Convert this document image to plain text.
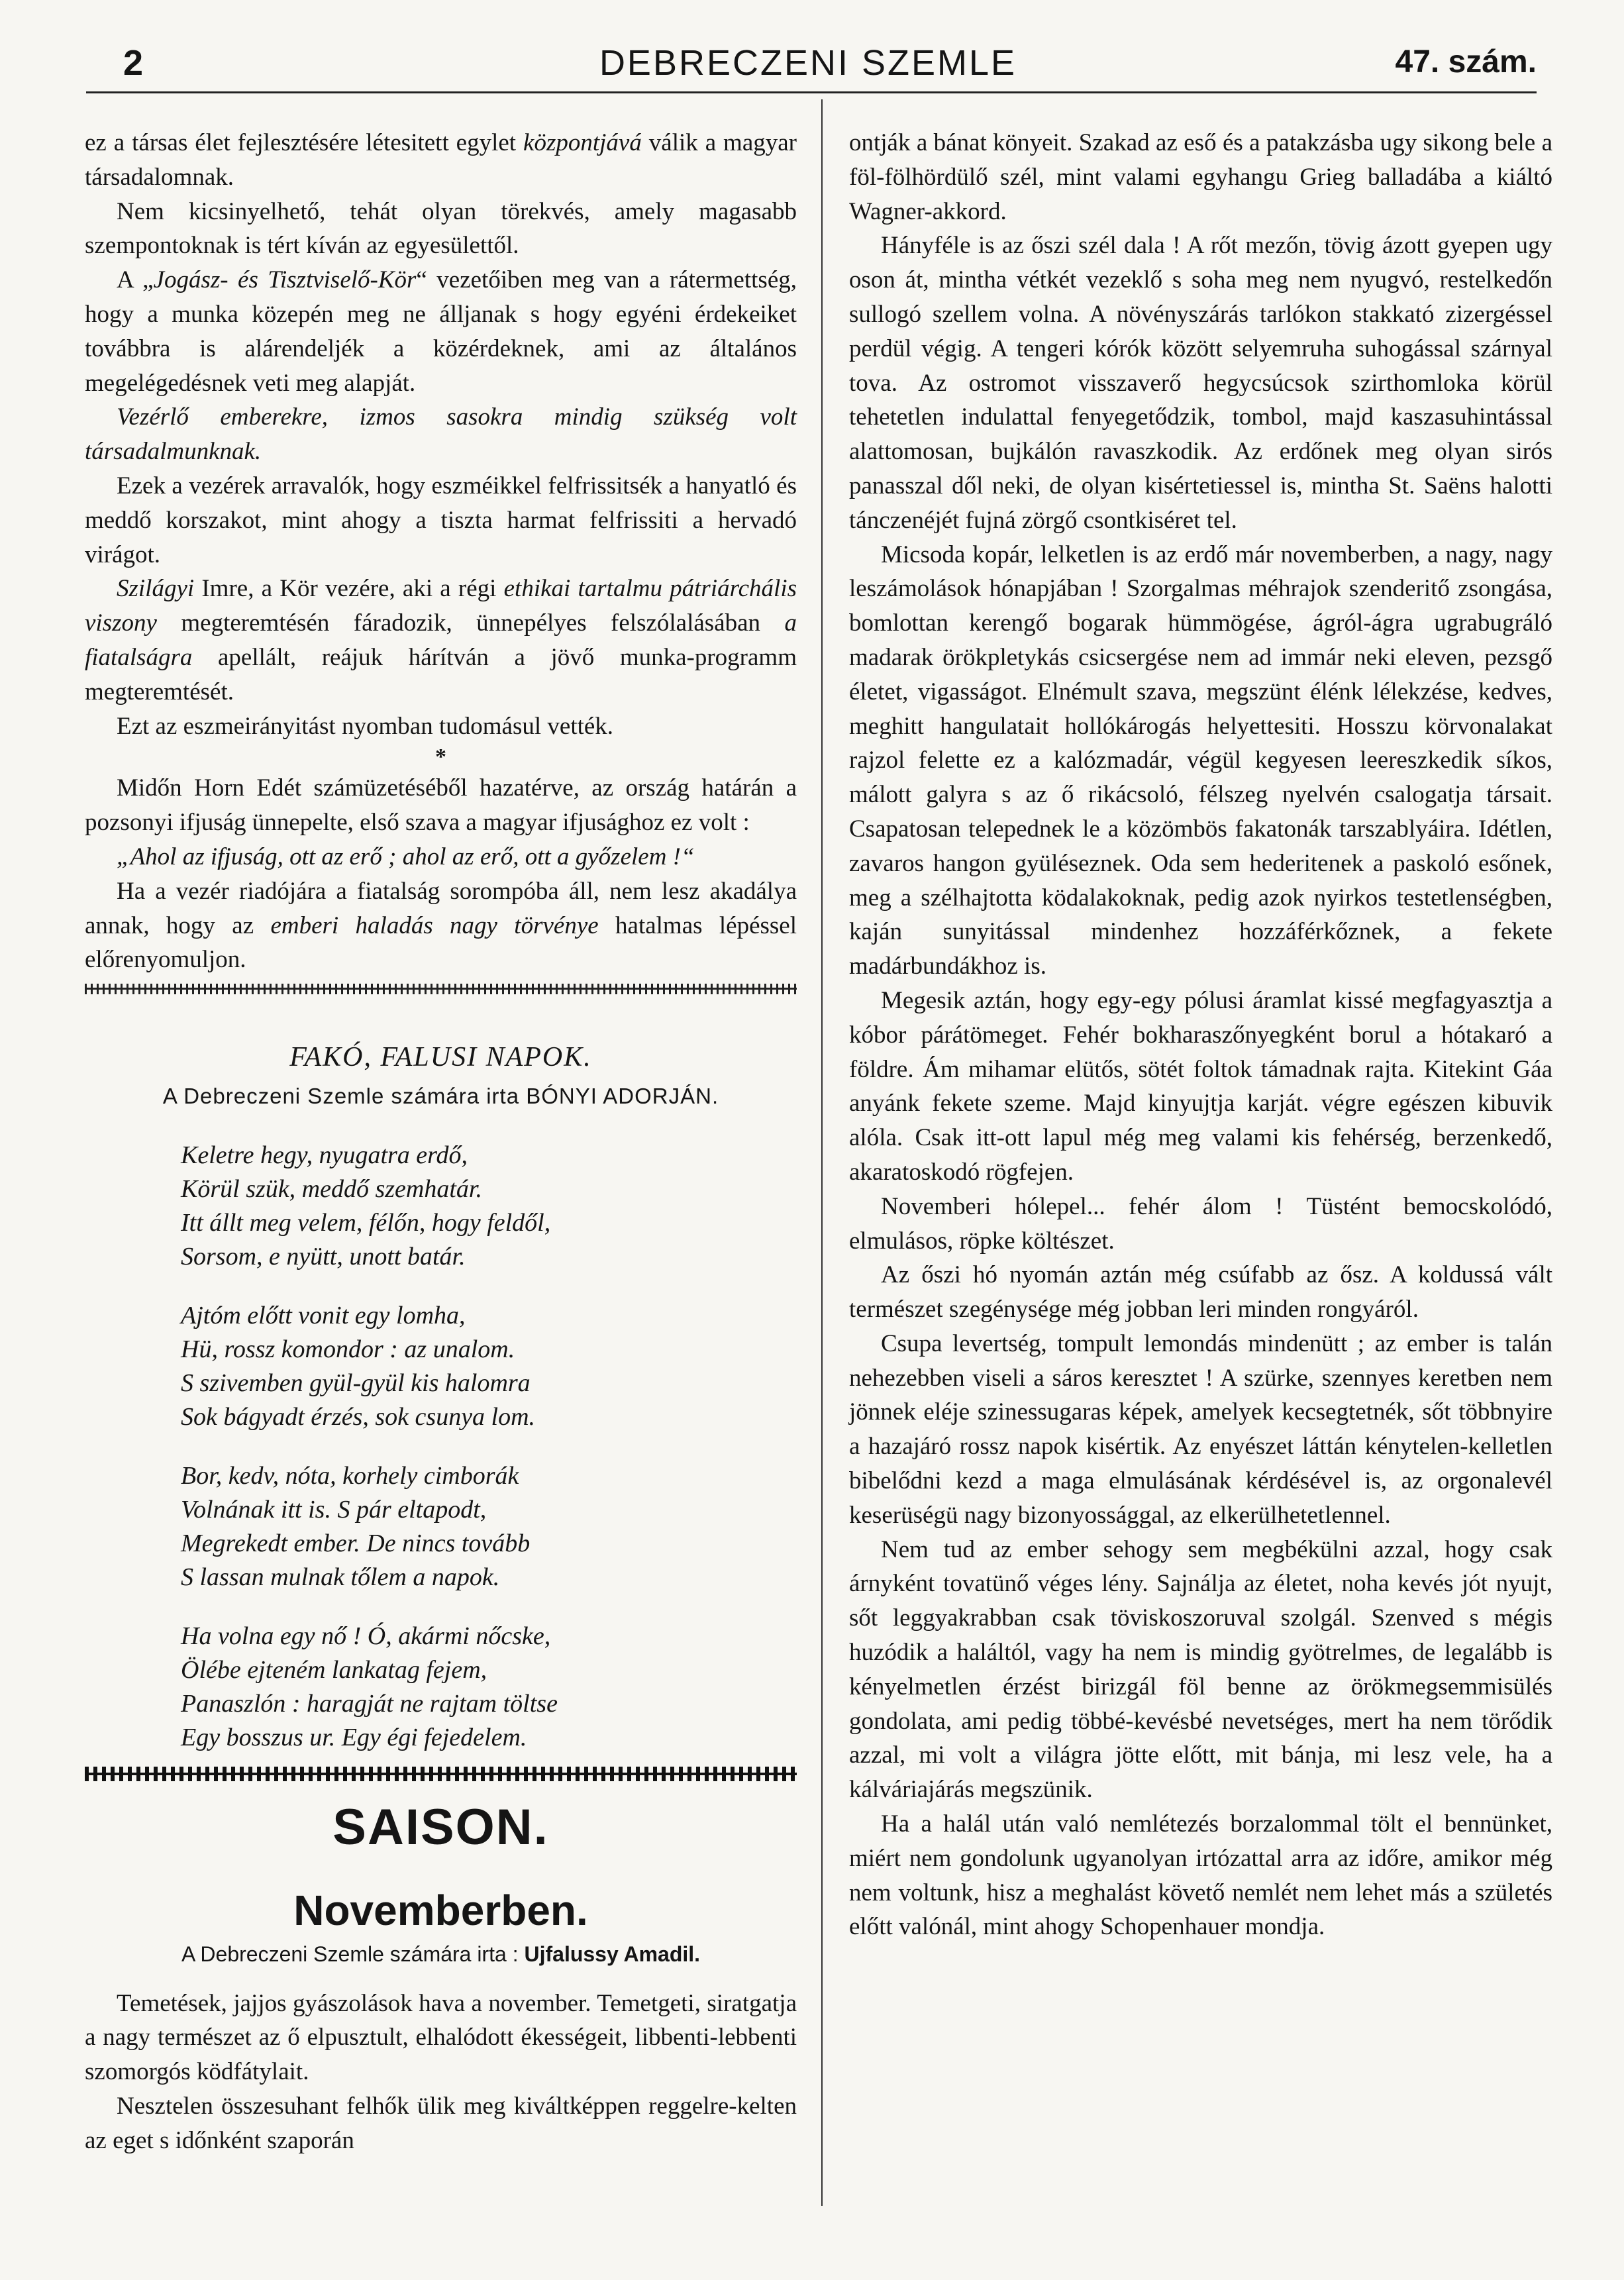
2	DEBRECZENI SZEMLE	47. szám.

ez a társas élet fejlesztésére létesitett egylet központjává válik a magyar társadalomnak.

Nem kicsinyelhető, tehát olyan törekvés, amely magasabb szempontoknak is tért kíván az egyesülettől.

A „Jogász- és Tisztviselő-Kör“ vezetőiben meg van a rátermettség, hogy a munka közepén meg ne álljanak s hogy egyéni érdekeiket továbbra is alárendeljék a közérdeknek, ami az általános megelégedésnek veti meg alapját.

Vezérlő emberekre, izmos sasokra mindig szükség volt társadalmunknak.

Ezek a vezérek arravalók, hogy eszméikkel felfrissitsék a hanyatló és meddő korszakot, mint ahogy a tiszta harmat felfrissiti a hervadó virágot.

Szilágyi Imre, a Kör vezére, aki a régi ethikai tartalmu pátriárchális viszony megteremtésén fáradozik, ünnepélyes felszólalásában a fiatalságra apellált, reájuk hárítván a jövő munka-programm megteremtését.

Ezt az eszmeirányitást nyomban tudomásul vették.

*

Midőn Horn Edét számüzetéséből hazatérve, az ország határán a pozsonyi ifjuság ünnepelte, első szava a magyar ifjusághoz ez volt :

„Ahol az ifjuság, ott az erő ; ahol az erő, ott a győzelem !“

Ha a vezér riadójára a fiatalság sorompóba áll, nem lesz akadálya annak, hogy az emberi haladás nagy törvénye hatalmas lépéssel előrenyomuljon.

FAKÓ, FALUSI NAPOK.
A Debreczeni Szemle számára irta BÓNYI ADORJÁN.
Keletre hegy, nyugatra erdő,
Körül szük, meddő szemhatár.
Itt állt meg velem, félőn, hogy feldől,
Sorsom, e nyütt, unott batár.
Ajtóm előtt vonit egy lomha,
Hü, rossz komondor : az unalom.
S szivemben gyül-gyül kis halomra
Sok bágyadt érzés, sok csunya lom.
Bor, kedv, nóta, korhely cimborák
Volnának itt is. S pár eltapodt,
Megrekedt ember. De nincs tovább
S lassan mulnak tőlem a napok.
Ha volna egy nő ! Ó, akármi nőcske,
Ölébe ejteném lankatag fejem,
Panaszlón : haragját ne rajtam töltse
Egy bosszus ur. Egy égi fejedelem.
SAISON.
Novemberben.
A Debreczeni Szemle számára irta : Ujfalussy Amadil.

Temetések, jajjos gyászolások hava a november. Temetgeti, siratgatja a nagy természet az ő elpusztult, elhalódott ékességeit, libbenti-lebbenti szomorgós ködfátylait.

Nesztelen összesuhant felhők ülik meg kiváltképpen reggelre-kelten az eget s időnként szaporán

ontják a bánat könyeit. Szakad az eső és a patakzásba ugy sikong bele a föl-fölhördülő szél, mint valami egyhangu Grieg balladába a kiáltó Wagner-akkord.

Hányféle is az őszi szél dala ! A rőt mezőn, tövig ázott gyepen ugy oson át, mintha vétkét vezeklő s soha meg nem nyugvó, restelkedőn sullogó szellem volna. A növényszárás tarlókon stakkató zizergéssel perdül végig. A tengeri kórók között selyemruha suhogással szárnyal tova. Az ostromot visszaverő hegycsúcsok szirthomloka körül tehetetlen indulattal fenyegetődzik, tombol, majd kaszasuhintással alattomosan, bujkálón ravaszkodik. Az erdőnek meg olyan sirós panasszal dől neki, de olyan kisértetiessel is, mintha St. Saëns halotti tánczenéjét fujná zörgő csontkiséret tel.

Micsoda kopár, lelketlen is az erdő már novemberben, a nagy, nagy leszámolások hónapjában ! Szorgalmas méhrajok szenderitő zsongása, bomlottan kerengő bogarak hümmögése, ágról-ágra ugrabugráló madarak örökpletykás csicsergése nem ad immár neki eleven, pezsgő életet, vigasságot. Elnémult szava, megszünt élénk lélekzése, kedves, meghitt hangulatait hollókárogás helyettesiti. Hosszu körvonalakat rajzol felette ez a kalózmadár, végül kegyesen leereszkedik síkos, málott galyra s az ő rikácsoló, félszeg nyelvén csalogatja társait. Csapatosan telepednek le a közömbös fakatonák tarszablyáira. Idétlen, zavaros hangon gyüléseznek. Oda sem hederitenek a paskoló esőnek, meg a szélhajtotta ködalakoknak, pedig azok nyirkos testetlenségben, kaján sunyitással mindenhez hozzáférkőznek, a fekete madárbundákhoz is.

Megesik aztán, hogy egy-egy pólusi áramlat kissé megfagyasztja a kóbor párátömeget. Fehér bokharaszőnyegként borul a hótakaró a földre. Ám mihamar elütős, sötét foltok támadnak rajta. Kitekint Gáa anyánk fekete szeme. Majd kinyujtja karját. végre egészen kibuvik alóla. Csak itt-ott lapul még meg valami kis fehérség, berzenkedő, akaratoskodó rögfejen.

Novemberi hólepel... fehér álom ! Tüstént bemocskolódó, elmulásos, röpke költészet.

Az őszi hó nyomán aztán még csúfabb az ősz. A koldussá vált természet szegénysége még jobban leri minden rongyáról.

Csupa levertség, tompult lemondás mindenütt ; az ember is talán nehezebben viseli a sáros keresztet ! A szürke, szennyes keretben nem jönnek eléje szinessugaras képek, amelyek kecsegtetnék, sőt többnyire a hazajáró rossz napok kisértik. Az enyészet láttán kénytelen-kelletlen bibelődni kezd a maga elmulásának kérdésével is, az orgonalevél keserüségü nagy bizonyossággal, az elkerülhetetlennel.

Nem tud az ember sehogy sem megbékülni azzal, hogy csak árnyként tovatünő véges lény. Sajnálja az életet, noha kevés jót nyujt, sőt leggyakrabban csak töviskoszoruval szolgál. Szenved s mégis huzódik a haláltól, vagy ha nem is mindig gyötrelmes, de legalább is kényelmetlen érzést birizgál föl benne az örökmegsemmisülés gondolata, ami pedig többé-kevésbé nevetséges, mert ha nem törődik azzal, mi volt a világra jötte előtt, mit bánja, mi lesz vele, ha a kálváriajárás megszünik.

Ha a halál után való nemlétezés borzalommal tölt el bennünket, miért nem gondolunk ugyanolyan irtózattal arra az időre, amikor még nem voltunk, hisz a meghalást követő nemlét nem lehet más a születés előtt valónál, mint ahogy Schopenhauer mondja.
